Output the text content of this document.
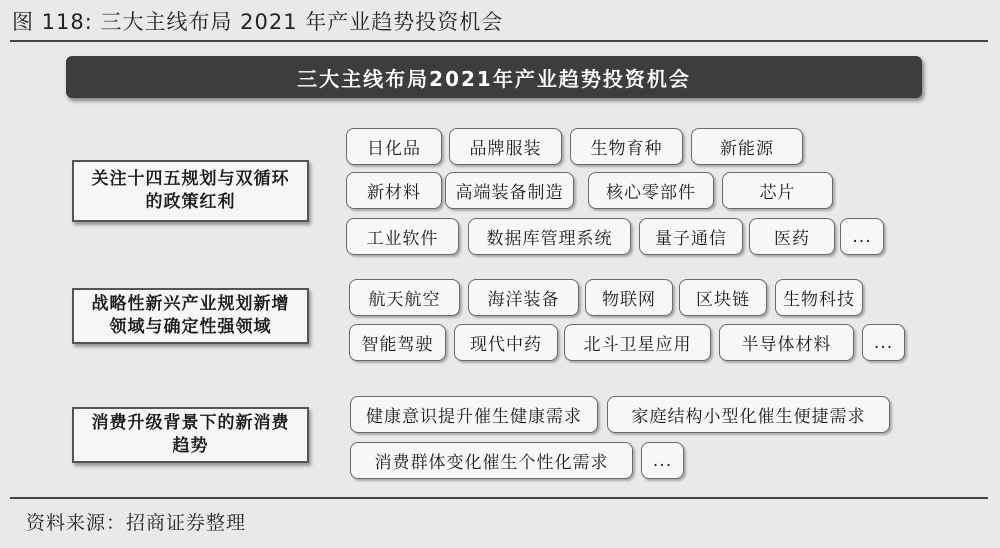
图 118: 三大主线布局 2021 年产业趋势投资机会
三大主线布局2021年产业趋势投资机会
关注十四五规划与双循环的政策红利
日化品	品牌服装	生物育种	新能源
新材料	高端装备制造	核心零部件	芯片
工业软件	数据库管理系统	量子通信	医药	...
战略性新兴产业规划新增领域与确定性强领域
航天航空	海洋装备	物联网	区块链	生物科技
智能驾驶	现代中药	北斗卫星应用	半导体材料	...
消费升级背景下的新消费趋势
健康意识提升催生健康需求	家庭结构小型化催生便捷需求
消费群体变化催生个性化需求	...
资料来源：招商证券整理
